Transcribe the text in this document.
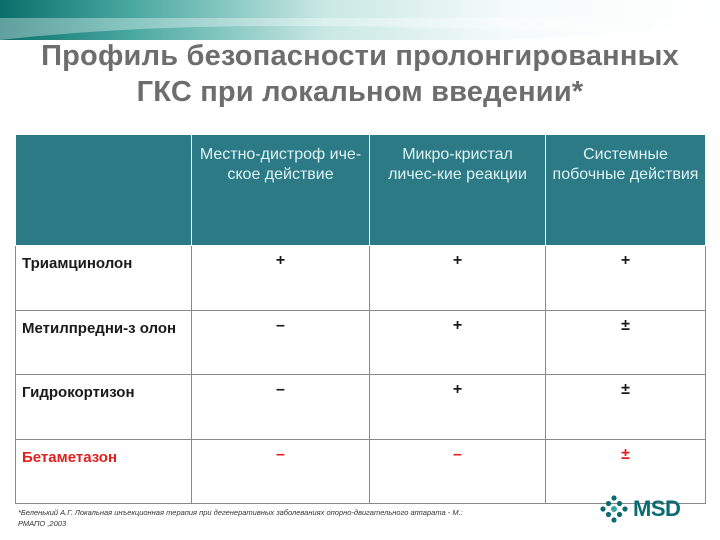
Профиль безопасности пролонгированных
ГКС при локальном введении*
	Местно-дистроф иче-ское действие	Микро-кристал личес-кие реакции	Системные побочные действия
Триамцинолон	+	+	+
Метилпредни-з олон	–	+	±
Гидрокортизон	–	+	±
Бетаметазон	–	–	±
*Беленький А.Г. Локальная инъекционная терапия при дегенеративных заболеваниях опорно-двигательного аппарата - М.:
РМАПО ,2003
MSD
